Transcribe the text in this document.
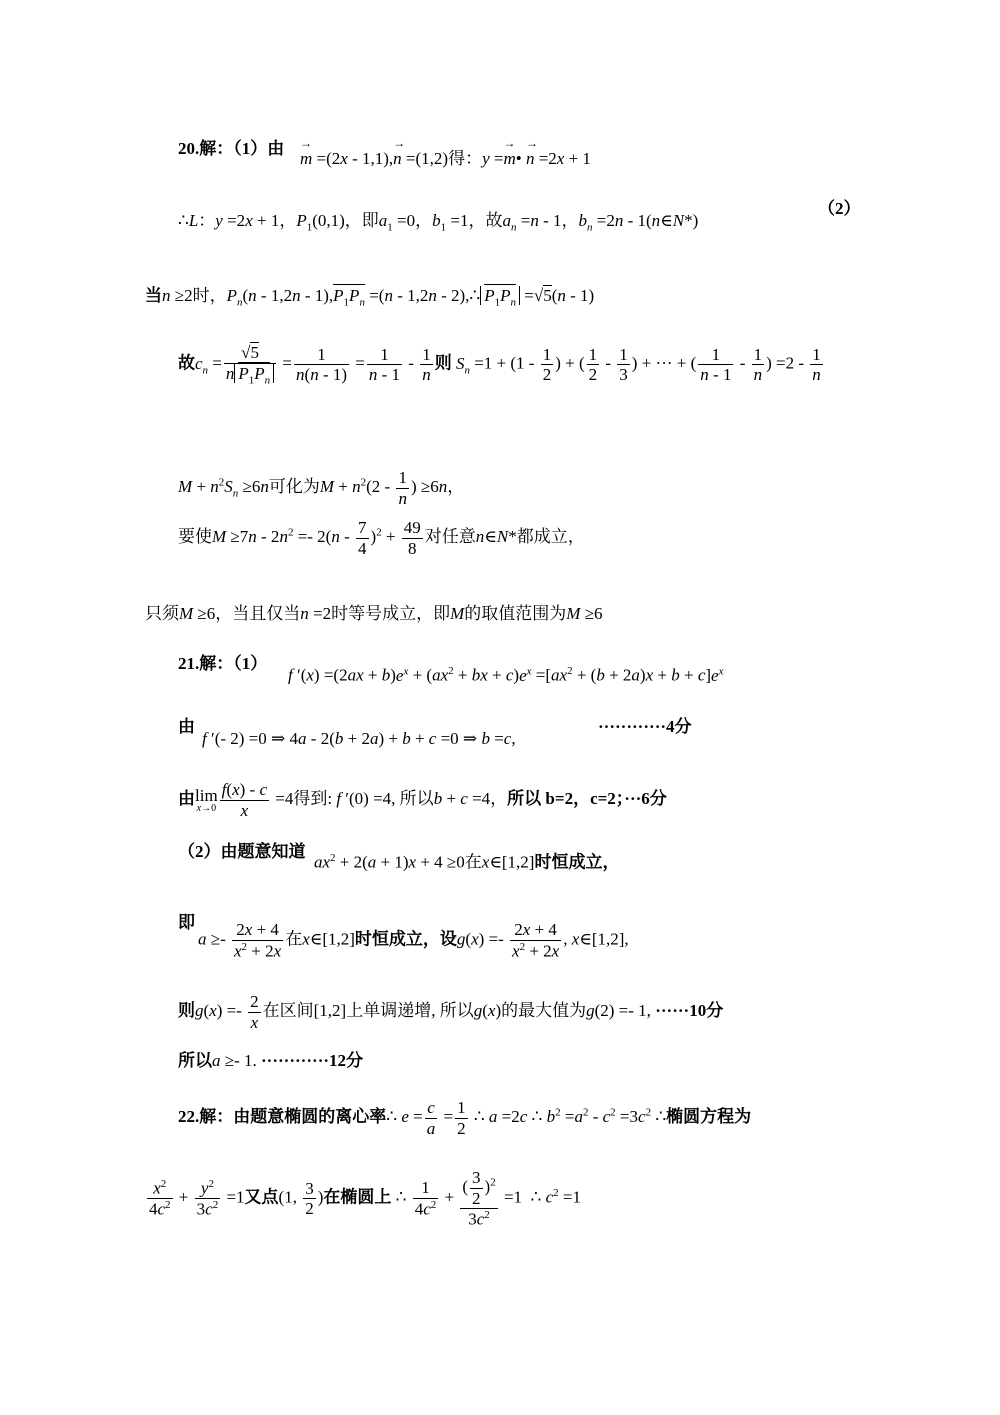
20.解：（1）由
→ m =(2x - 1,1),→ n =(1,2)得：y =→ m• → n =2x + 1
∴L：y =2x + 1，$P_1(0,1)$，即$a_1 =0$，$b_1 =1$，故$a_n =n - 1$，$b_n =2n$ - 1(n∈N*)
（2）
当n ≥2时，$P_n(n - 1,2n - 1),P_1P_n =(n - 1,2n$ - 2),∴ $P_1P_n =√5(n - 1)$
故$c_n = \frac{√5}{n P_1P_n} = \frac{1}{n(n - 1)} = \frac{1}{n - 1} - \frac{1}{n}$ 则 $S_n =1 + (1 - \frac{1}{2}$ ) + ( $\frac{1}{2} - \frac{1}{3}$ ) + ··· + ( $\frac{1}{n - 1} - \frac{1}{n}$ ) $=2 - \frac{1}{n}$
$M + n^2S_n \ge 6n$可化为$M + n^2(2 - \frac{1}{n}$ ) ≥6n，
要使$M \ge 7n - 2n^2 =- 2(n - \frac{7}{4} )^2 + \frac{49}{8}$ 对任意n∈N*都成立，
只须M ≥6，当且仅当n =2时等号成立，即M的取值范围为M ≥6
21.解：（1）
f $'(x) =(2ax + b)e^x + (ax^2$ + bx + $c)e^x =[ax^2 + (b + 2a)x + b + c]e^x$
由
f ′(- 2) =0 ⇒ 4a - 2(b + 2a) + b + c =0 ⇒ b =c,
············4分
由 lim
$x\to 0 \frac{f(x) - c}{x} =4$得到: f ′(0) =4, 所以b + c =4，所以 b=2，c=2；···6分
（2）由题意知道
$ax^2 + 2(a + 1)x + 4 \ge 0$在x∈[1,2]时恒成立，
即
$a \ge- \frac{2x + 4}{x^2 + 2x}$ 在x∈[1,2]时恒成立，设$g(x) =- \frac{2x + 4}{x^2 + 2x}$ , x∈[1,2],
则$g(x) =- \frac{2}{x}$ 在区间[1,2]上单调递增, 所以g(x)的最大值为g(2) =- 1, ······10分
所以a ≥- 1. ············12分
22.解：由题意椭圆的离心率∴ $e = \frac{c}{a} = \frac{1}{2}$ ∴ a =2c ∴ $b^2 =a^2 - c^2 =3c^2$ ∴椭圆方程为
$\frac{x^2}{4c^2} + \frac{y^2}{3c^2} =1$又点(1, $\frac{3}{2}$ )在椭圆上 ∴ $\frac{1}{4c^2} + \frac{( \frac{3}{2} )^2}{3c^2} =1$  ∴ $c^2 =1$
